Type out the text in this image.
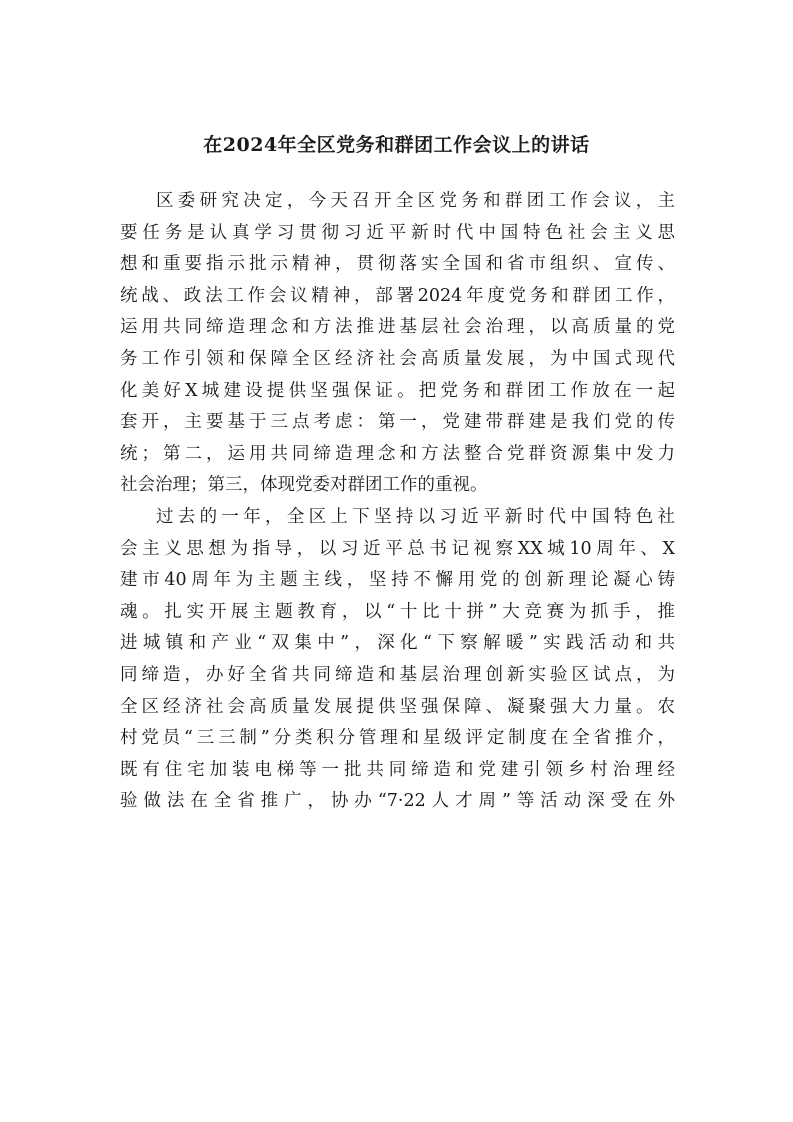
在2024年全区党务和群团工作会议上的讲话
区委研究决定，今天召开全区党务和群团工作会议，主
要任务是认真学习贯彻习近平新时代中国特色社会主义思
想和重要指示批示精神，贯彻落实全国和省市组织、宣传、
统战、政法工作会议精神，部署2024年度党务和群团工作，
运用共同缔造理念和方法推进基层社会治理，以高质量的党
务工作引领和保障全区经济社会高质量发展，为中国式现代
化美好X城建设提供坚强保证。把党务和群团工作放在一起
套开，主要基于三点考虑：第一，党建带群建是我们党的传
统；第二，运用共同缔造理念和方法整合党群资源集中发力
社会治理；第三，体现党委对群团工作的重视。
过去的一年，全区上下坚持以习近平新时代中国特色社
会主义思想为指导，以习近平总书记视察XX城10周年、X
建市40周年为主题主线，坚持不懈用党的创新理论凝心铸
魂。扎实开展主题教育，以“十比十拼”大竞赛为抓手，推
进城镇和产业“双集中”，深化“下察解暖”实践活动和共
同缔造，办好全省共同缔造和基层治理创新实验区试点，为
全区经济社会高质量发展提供坚强保障、凝聚强大力量。农
村党员“三三制”分类积分管理和星级评定制度在全省推介，
既有住宅加装电梯等一批共同缔造和党建引领乡村治理经
验做法在全省推广，协办“7·22人才周”等活动深受在外
